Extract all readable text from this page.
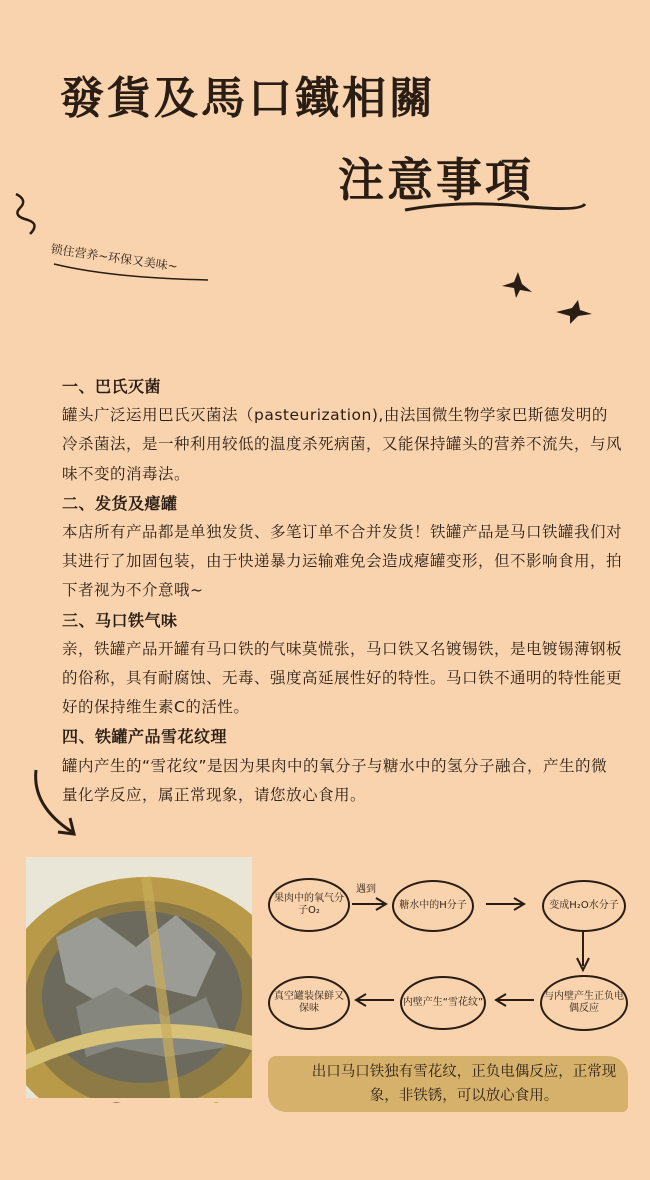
發貨及馬口鐵相關
注意事項
锁住营养~环保又美味~
一、巴氏灭菌

罐头广泛运用巴氏灭菌法（pasteurization),由法国微生物学家巴斯德发明的冷杀菌法，是一种利用较低的温度杀死病菌，又能保持罐头的营养不流失，与风味不变的消毒法。

二、发货及瘪罐

本店所有产品都是单独发货、多笔订单不合并发货！铁罐产品是马口铁罐我们对其进行了加固包装，由于快递暴力运输难免会造成瘪罐变形，但不影响食用，拍下者视为不介意哦~

三、马口铁气味

亲，铁罐产品开罐有马口铁的气味莫慌张，马口铁又名镀锡铁，是电镀锡薄钢板的俗称，具有耐腐蚀、无毒、强度高延展性好的特性。马口铁不通明的特性能更好的保持维生素C的活性。

四、铁罐产品雪花纹理

罐内产生的“雪花纹”是因为果肉中的氧分子与糖水中的氢分子融合，产生的微量化学反应，属正常现象，请您放心食用。

果肉中的氧气分子O₂
遇到
糖水中的H分子	变成H₂O水分子
与内壁产生正负电偶反应
内壁产生“雪花纹”
真空罐装保鲜又保味
出口马口铁独有雪花纹，正负电偶反应，正常现象，非铁锈，可以放心食用。
